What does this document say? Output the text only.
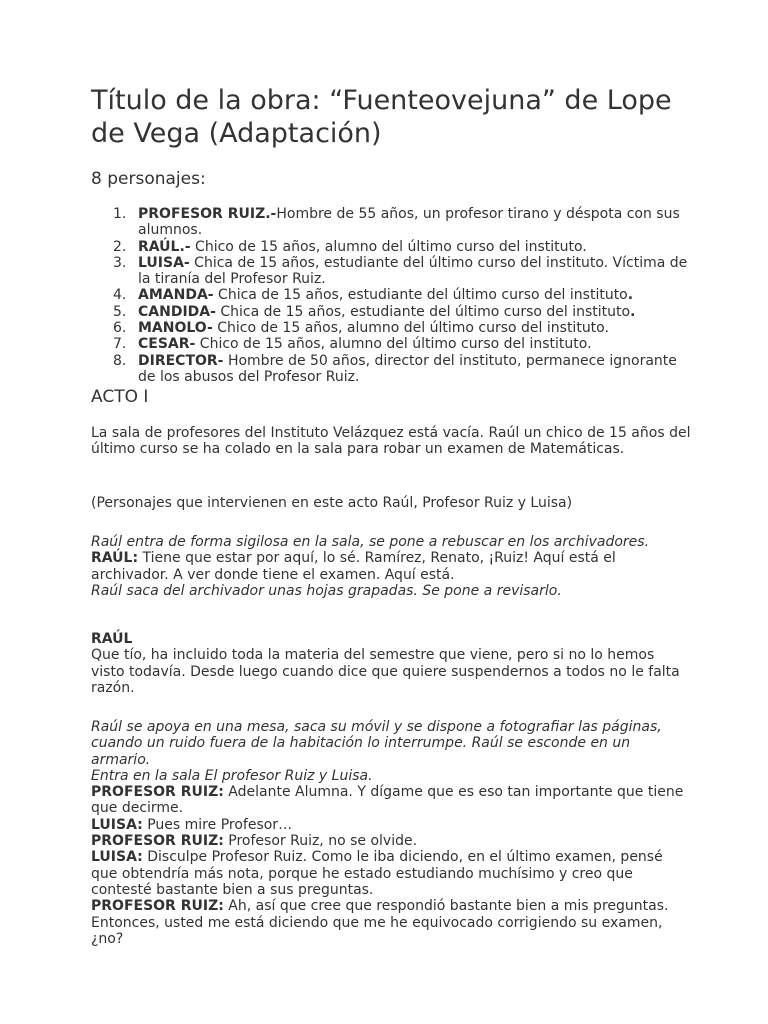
Título de la obra: “Fuenteovejuna” de Lope de Vega (Adaptación)

8 personajes:

1. PROFESOR RUIZ.-Hombre de 55 años, un profesor tirano y déspota con sus alumnos.
2. RAÚL.- Chico de 15 años, alumno del último curso del instituto.
3. LUISA- Chica de 15 años, estudiante del último curso del instituto. Víctima de la tiranía del Profesor Ruiz.
4. AMANDA- Chica de 15 años, estudiante del último curso del instituto.
5. CANDIDA- Chica de 15 años, estudiante del último curso del instituto.
6. MANOLO- Chico de 15 años, alumno del último curso del instituto.
7. CESAR- Chico de 15 años, alumno del último curso del instituto.
8. DIRECTOR- Hombre de 50 años, director del instituto, permanece ignorante de los abusos del Profesor Ruiz.
ACTO I

La sala de profesores del Instituto Velázquez está vacía. Raúl un chico de 15 años del último curso se ha colado en la sala para robar un examen de Matemáticas.

(Personajes que intervienen en este acto Raúl, Profesor Ruiz y Luisa)

Raúl entra de forma sigilosa en la sala, se pone a rebuscar en los archivadores.
RAÚL: Tiene que estar por aquí, lo sé. Ramírez, Renato, ¡Ruiz! Aquí está el archivador. A ver donde tiene el examen. Aquí está.
Raúl saca del archivador unas hojas grapadas. Se pone a revisarlo.
RAÚL
Que tío, ha incluido toda la materia del semestre que viene, pero si no lo hemos visto todavía. Desde luego cuando dice que quiere suspendernos a todos no le falta razón.
Raúl se apoya en una mesa, saca su móvil y se dispone a fotografiar las páginas, cuando un ruido fuera de la habitación lo interrumpe. Raúl se esconde en un armario.
Entra en la sala El profesor Ruiz y Luisa.
PROFESOR RUIZ: Adelante Alumna. Y dígame que es eso tan importante que tiene que decirme.
LUISA: Pues mire Profesor…
PROFESOR RUIZ: Profesor Ruiz, no se olvide.
LUISA: Disculpe Profesor Ruiz. Como le iba diciendo, en el último examen, pensé que obtendría más nota, porque he estado estudiando muchísimo y creo que contesté bastante bien a sus preguntas.
PROFESOR RUIZ: Ah, así que cree que respondió bastante bien a mis preguntas. Entonces, usted me está diciendo que me he equivocado corrigiendo su examen, ¿no?
